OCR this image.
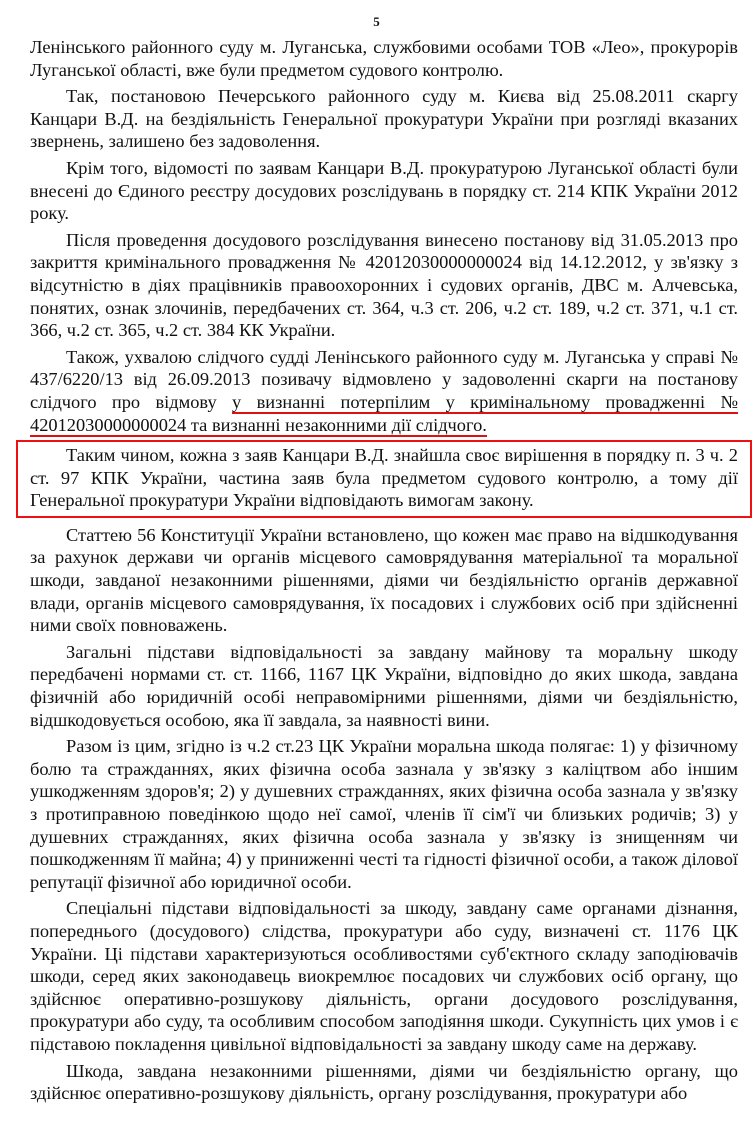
5

Ленінського районного суду м. Луганська, службовими особами ТОВ «Лео», прокурорів Луганської області, вже були предметом судового контролю.

Так, постановою Печерського районного суду м. Києва від 25.08.2011 скаргу Канцари В.Д. на бездіяльність Генеральної прокуратури України при розгляді вказаних звернень, залишено без задоволення.

Крім того, відомості по заявам Канцари В.Д. прокуратурою Луганської області були внесені до Єдиного реєстру досудових розслідувань в порядку ст. 214 КПК України 2012 року.

Після проведення досудового розслідування винесено постанову від 31.05.2013 про закриття кримінального провадження № 42012030000000024 від 14.12.2012, у зв'язку з відсутністю в діях працівників правоохоронних і судових органів, ДВС м. Алчевська, понятих, ознак злочинів, передбачених ст. 364, ч.3 ст. 206, ч.2 ст. 189, ч.2 ст. 371, ч.1 ст. 366, ч.2 ст. 365, ч.2 ст. 384 КК України.

Також, ухвалою слідчого судді Ленінського районного суду м. Луганська у справі № 437/6220/13 від 26.09.2013 позивачу відмовлено у задоволенні скарги на постанову слідчого про відмову у визнанні потерпілим у кримінальному провадженні № 42012030000000024 та визнанні незаконними дії слідчого.

Таким чином, кожна з заяв Канцари В.Д. знайшла своє вирішення в порядку п. 3 ч. 2 ст. 97 КПК України, частина заяв була предметом судового контролю, а тому дії Генеральної прокуратури України відповідають вимогам закону.

Статтею 56 Конституції України встановлено, що кожен має право на відшкодування за рахунок держави чи органів місцевого самоврядування матеріальної та моральної шкоди, завданої незаконними рішеннями, діями чи бездіяльністю органів державної влади, органів місцевого самоврядування, їх посадових і службових осіб при здійсненні ними своїх повноважень.

Загальні підстави відповідальності за завдану майнову та моральну шкоду передбачені нормами ст. ст. 1166, 1167 ЦК України, відповідно до яких шкода, завдана фізичній або юридичній особі неправомірними рішеннями, діями чи бездіяльністю, відшкодовується особою, яка її завдала, за наявності вини.

Разом із цим, згідно із ч.2 ст.23 ЦК України моральна шкода полягає: 1) у фізичному болю та стражданнях, яких фізична особа зазнала у зв'язку з каліцтвом або іншим ушкодженням здоров'я; 2) у душевних стражданнях, яких фізична особа зазнала у зв'язку з протиправною поведінкою щодо неї самої, членів її сім'ї чи близьких родичів; 3) у душевних стражданнях, яких фізична особа зазнала у зв'язку із знищенням чи пошкодженням її майна; 4) у приниженні честі та гідності фізичної особи, а також ділової репутації фізичної або юридичної особи.

Спеціальні підстави відповідальності за шкоду, завдану саме органами дізнання, попереднього (досудового) слідства, прокуратури або суду, визначені ст. 1176 ЦК України. Ці підстави характеризуються особливостями суб'єктного складу заподіювачів шкоди, серед яких законодавець виокремлює посадових чи службових осіб органу, що здійснює оперативно-розшукову діяльність, органи досудового розслідування, прокуратури або суду, та особливим способом заподіяння шкоди. Сукупність цих умов і є підставою покладення цивільної відповідальності за завдану шкоду саме на державу.

Шкода, завдана незаконними рішеннями, діями чи бездіяльністю органу, що здійснює оперативно-розшукову діяльність, органу розслідування, прокуратури або
